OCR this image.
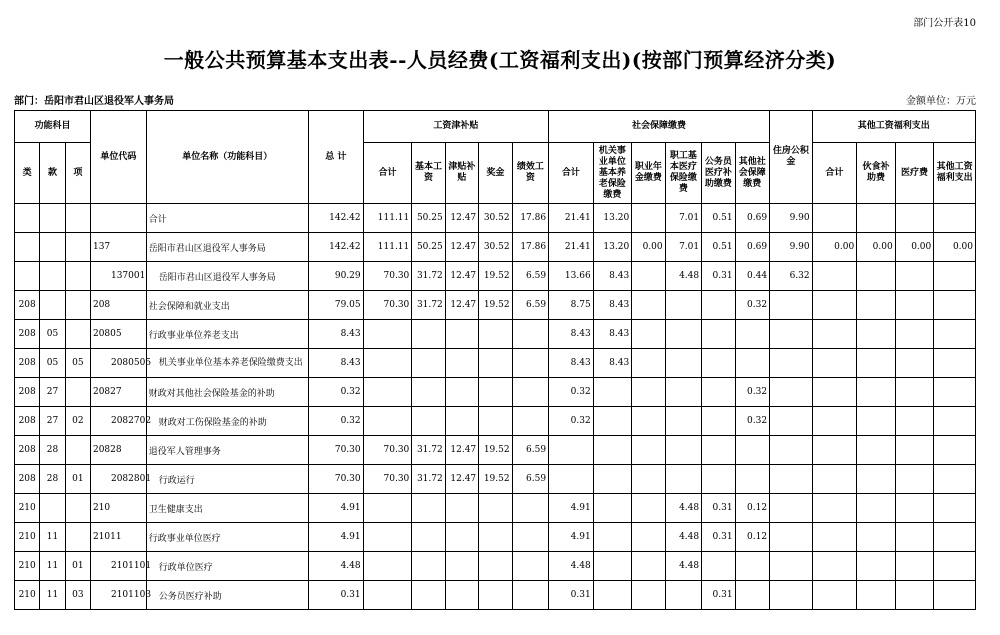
部门公开表10
一般公共预算基本支出表--人员经费(工资福利支出)(按部门预算经济分类)
部门：岳阳市君山区退役军人事务局	金额单位：万元
功能科目			单位代码	单位名称（功能科目）	总 计	工资津补贴					社会保障缴费						住房公积金	其他工资福利支出			
类	款	项				合计	基本工资	津贴补贴	奖金	绩效工资	合计	机关事业单位基本养老保险缴费	职业年金缴费	职工基本医疗保险缴费	公务员医疗补助缴费	其他社会保障缴费		合计	伙食补助费	医疗费	其他工资福利支出
				合计	142.42	111.11	50.25	12.47	30.52	17.86	21.41	13.20		7.01	0.51	0.69	9.90				
			137	岳阳市君山区退役军人事务局	142.42	111.11	50.25	12.47	30.52	17.86	21.41	13.20	0.00	7.01	0.51	0.69	9.90	0.00	0.00	0.00	0.00
			137001	岳阳市君山区退役军人事务局	90.29	70.30	31.72	12.47	19.52	6.59	13.66	8.43		4.48	0.31	0.44	6.32				
208			208	社会保障和就业支出	79.05	70.30	31.72	12.47	19.52	6.59	8.75	8.43				0.32					
208	05		20805	行政事业单位养老支出	8.43						8.43	8.43									
208	05	05	2080505	机关事业单位基本养老保险缴费支出	8.43						8.43	8.43									
208	27		20827	财政对其他社会保险基金的补助	0.32						0.32					0.32					
208	27	02	2082702	财政对工伤保险基金的补助	0.32						0.32					0.32					
208	28		20828	退役军人管理事务	70.30	70.30	31.72	12.47	19.52	6.59											
208	28	01	2082801	行政运行	70.30	70.30	31.72	12.47	19.52	6.59											
210			210	卫生健康支出	4.91						4.91			4.48	0.31	0.12					
210	11		21011	行政事业单位医疗	4.91						4.91			4.48	0.31	0.12					
210	11	01	2101101	行政单位医疗	4.48						4.48			4.48							
210	11	03	2101103	公务员医疗补助	0.31						0.31				0.31						
